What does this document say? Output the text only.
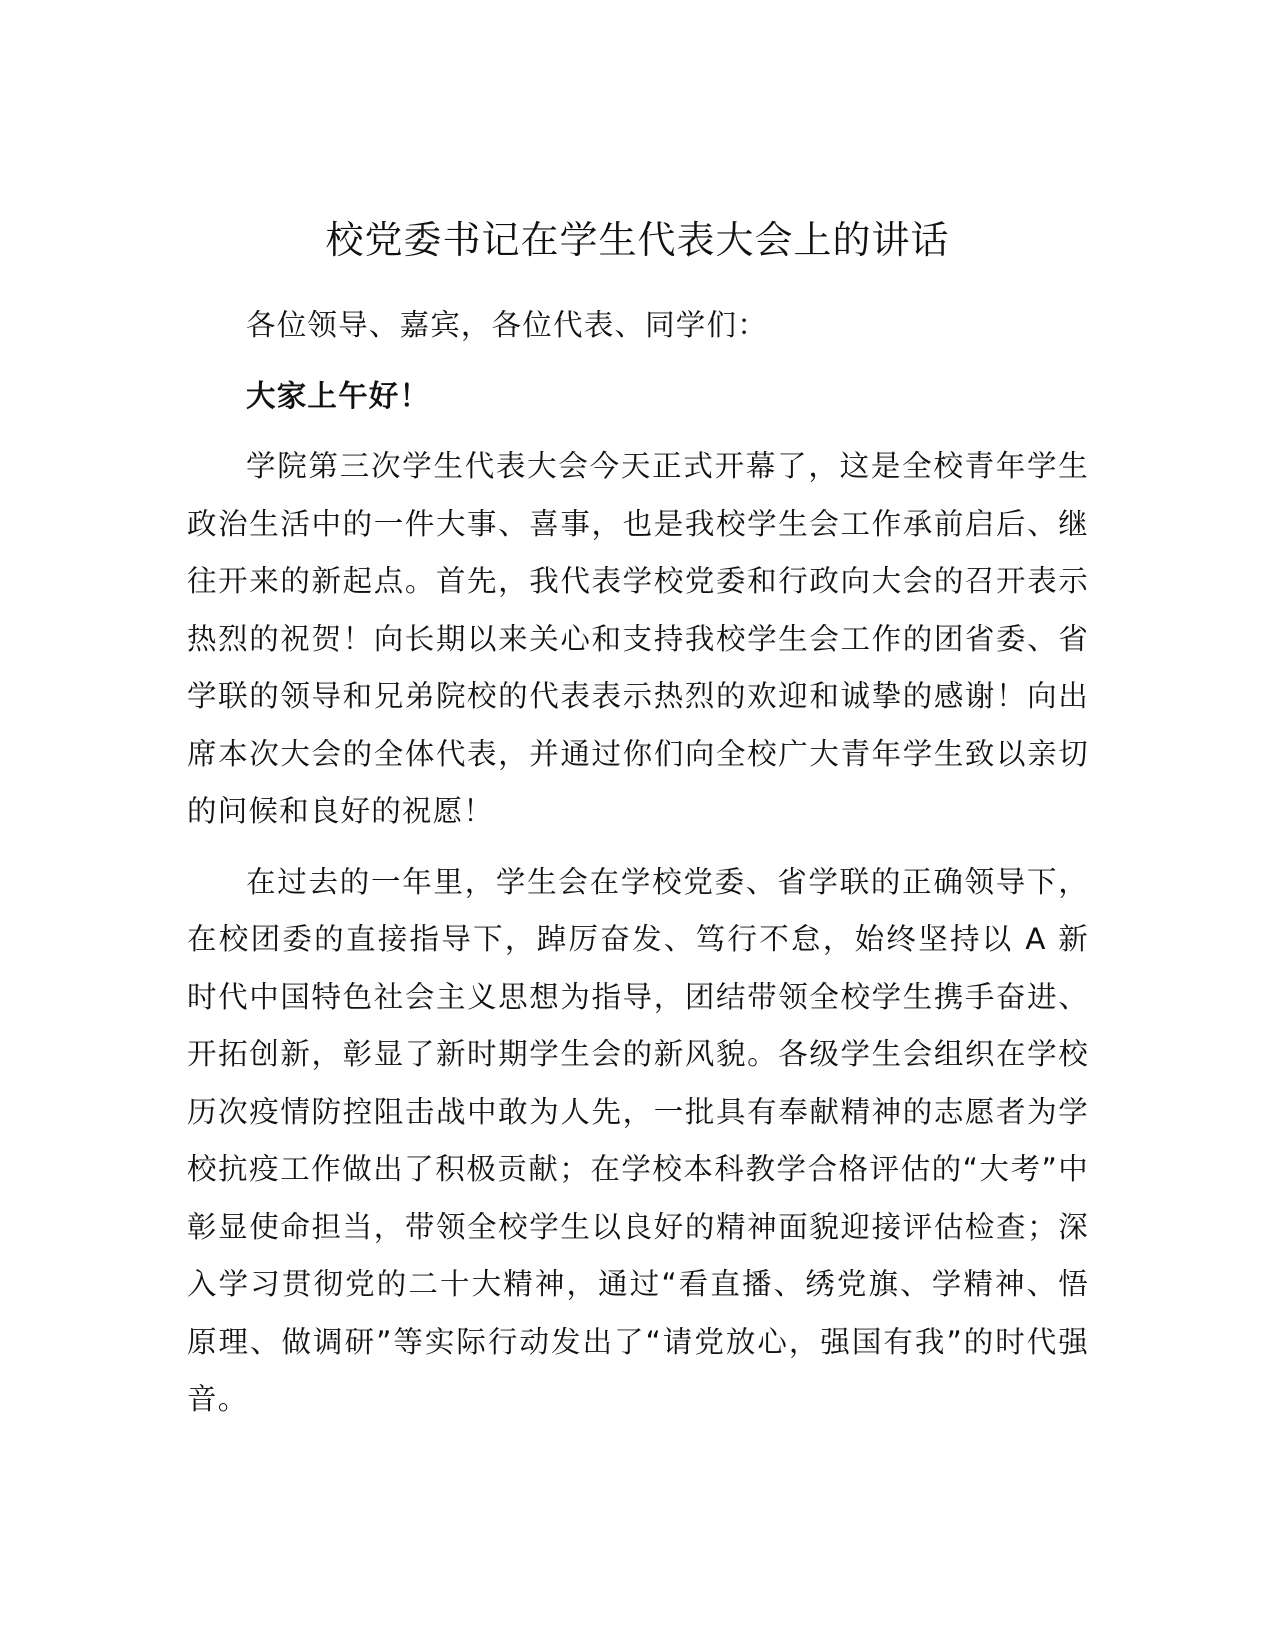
校党委书记在学生代表大会上的讲话

各位领导、嘉宾，各位代表、同学们：

大家上午好！

学院第三次学生代表大会今天正式开幕了，这是全校青年学生政治生活中的一件大事、喜事，也是我校学生会工作承前启后、继往开来的新起点。首先，我代表学校党委和行政向大会的召开表示热烈的祝贺！向长期以来关心和支持我校学生会工作的团省委、省学联的领导和兄弟院校的代表表示热烈的欢迎和诚挚的感谢！向出席本次大会的全体代表，并通过你们向全校广大青年学生致以亲切的问候和良好的祝愿！

在过去的一年里，学生会在学校党委、省学联的正确领导下，在校团委的直接指导下，踔厉奋发、笃行不怠，始终坚持以 A 新时代中国特色社会主义思想为指导，团结带领全校学生携手奋进、开拓创新，彰显了新时期学生会的新风貌。各级学生会组织在学校历次疫情防控阻击战中敢为人先，一批具有奉献精神的志愿者为学校抗疫工作做出了积极贡献；在学校本科教学合格评估的“大考”中彰显使命担当，带领全校学生以良好的精神面貌迎接评估检查；深入学习贯彻党的二十大精神，通过“看直播、绣党旗、学精神、悟原理、做调研”等实际行动发出了“请党放心，强国有我”的时代强音。
